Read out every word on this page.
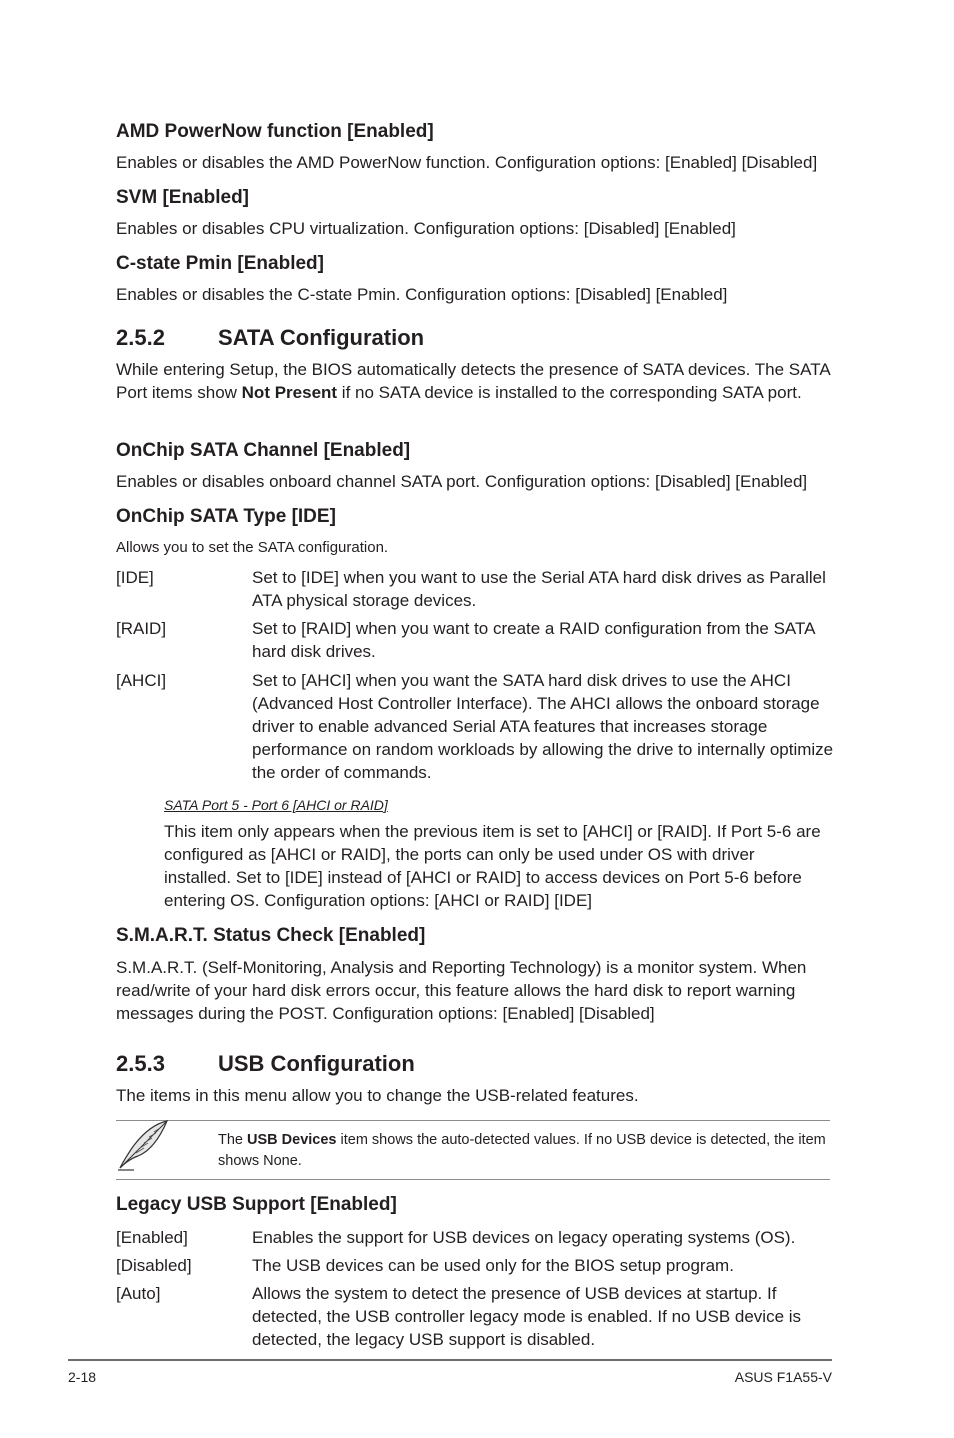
AMD PowerNow function [Enabled]
Enables or disables the AMD PowerNow function. Configuration options: [Enabled] [Disabled]
SVM [Enabled]
Enables or disables CPU virtualization. Configuration options: [Disabled] [Enabled]
C-state Pmin [Enabled]
Enables or disables the C-state Pmin. Configuration options: [Disabled] [Enabled]
2.5.2 SATA Configuration
While entering Setup, the BIOS automatically detects the presence of SATA devices. The SATA Port items show Not Present if no SATA device is installed to the corresponding SATA port.
OnChip SATA Channel [Enabled]
Enables or disables onboard channel SATA port. Configuration options: [Disabled] [Enabled]
OnChip SATA Type [IDE]
Allows you to set the SATA configuration.
[IDE]	Set to [IDE] when you want to use the Serial ATA hard disk drives as Parallel ATA physical storage devices.
[RAID]	Set to [RAID] when you want to create a RAID configuration from the SATA hard disk drives.
[AHCI]	Set to [AHCI] when you want the SATA hard disk drives to use the AHCI (Advanced Host Controller Interface). The AHCI allows the onboard storage driver to enable advanced Serial ATA features that increases storage performance on random workloads by allowing the drive to internally optimize the order of commands.
SATA Port 5 - Port 6 [AHCI or RAID]
This item only appears when the previous item is set to [AHCI] or [RAID]. If Port 5-6 are configured as [AHCI or RAID], the ports can only be used under OS with driver installed. Set to [IDE] instead of [AHCI or RAID] to access devices on Port 5-6 before entering OS. Configuration options: [AHCI or RAID] [IDE]
S.M.A.R.T. Status Check [Enabled]
S.M.A.R.T. (Self-Monitoring, Analysis and Reporting Technology) is a monitor system. When read/write of your hard disk errors occur, this feature allows the hard disk to report warning messages during the POST. Configuration options: [Enabled] [Disabled]
2.5.3 USB Configuration
The items in this menu allow you to change the USB-related features.
The USB Devices item shows the auto-detected values. If no USB device is detected, the item shows None.
Legacy USB Support [Enabled]
[Enabled]	Enables the support for USB devices on legacy operating systems (OS).
[Disabled]	The USB devices can be used only for the BIOS setup program.
[Auto]	Allows the system to detect the presence of USB devices at startup. If detected, the USB controller legacy mode is enabled. If no USB device is detected, the legacy USB support is disabled.
2-18	ASUS F1A55-V
